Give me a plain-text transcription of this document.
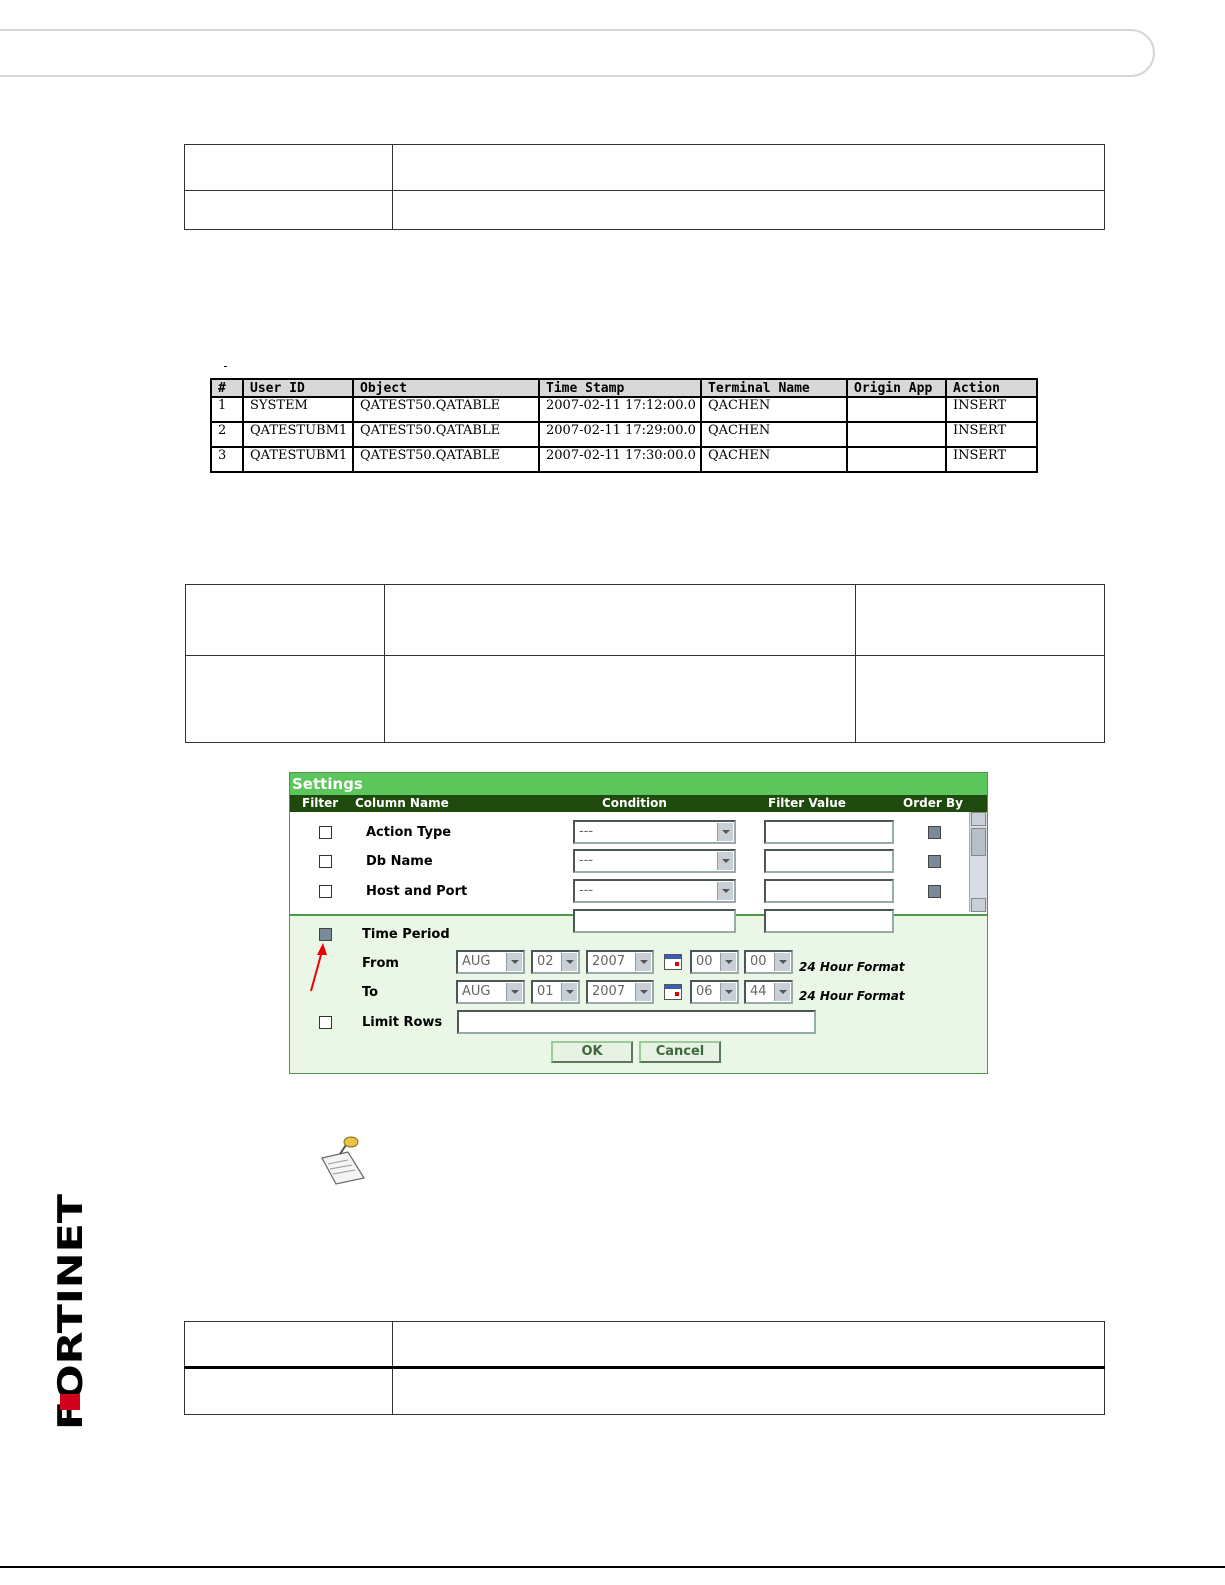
#	User ID	Object	Time Stamp	Terminal Name	Origin App	Action
1	SYSTEM	QATEST50.QATABLE	2007-02-11 17:12:00.0	QACHEN		INSERT
2	QATESTUBM1	QATEST50.QATABLE	2007-02-11 17:29:00.0	QACHEN		INSERT
3	QATESTUBM1	QATEST50.QATABLE	2007-02-11 17:30:00.0	QACHEN		INSERT

Settings
Filter Column Name	Condition	Filter Value	Order By
Action Type	---
Db Name	---
Host and Port	---
Time Period
From	AUG	02	2007	00	00	24 Hour Format
To	AUG	01	2007	06	44	24 Hour Format
Limit Rows
OK	Cancel

FORTINET
